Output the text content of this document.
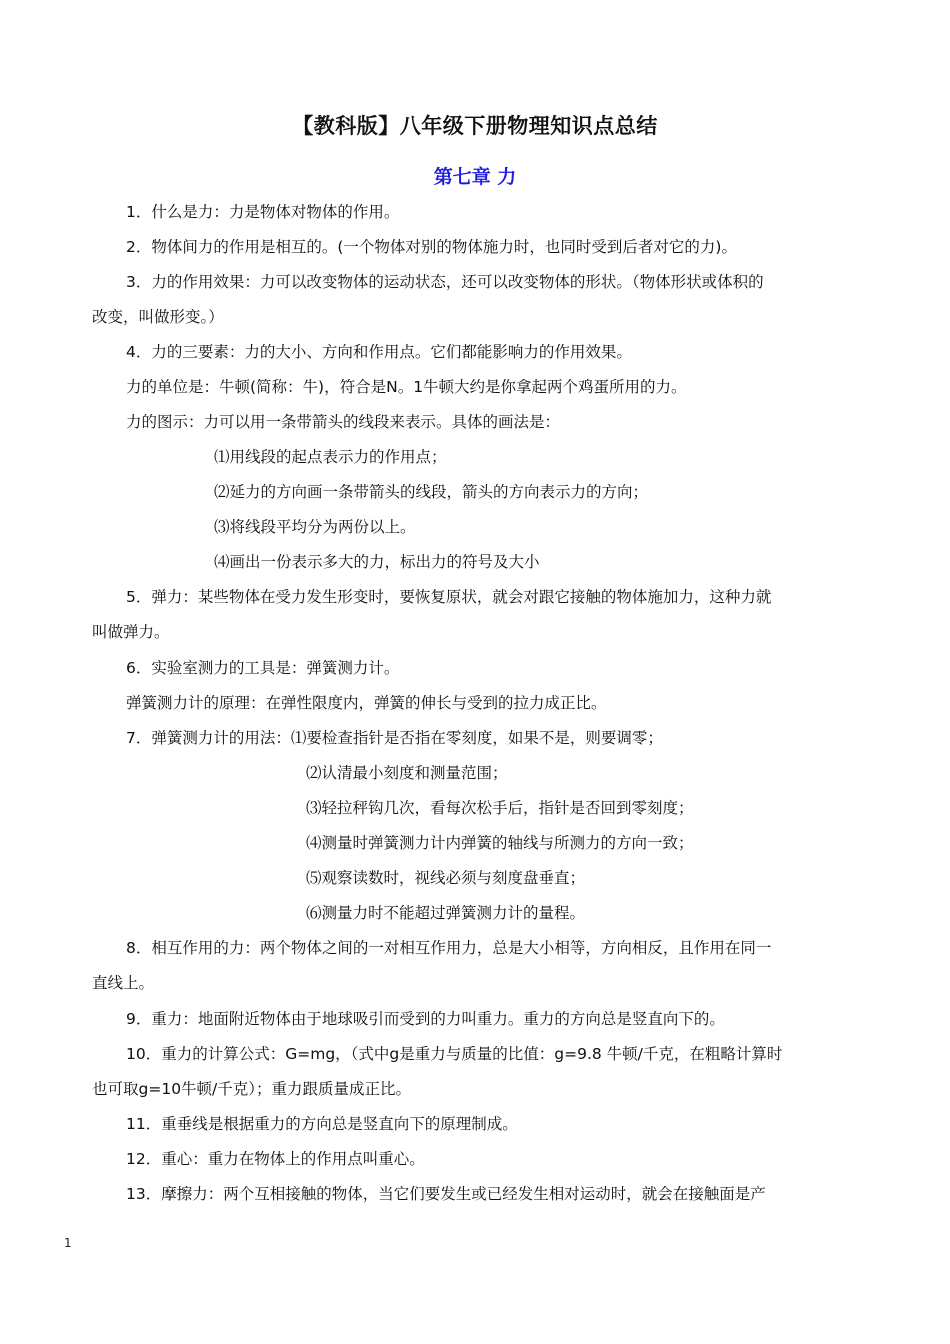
【教科版】八年级下册物理知识点总结
第七章 力
1．什么是力：力是物体对物体的作用。
2．物体间力的作用是相互的。(一个物体对别的物体施力时，也同时受到后者对它的力)。
3．力的作用效果：力可以改变物体的运动状态，还可以改变物体的形状。（物体形状或体积的
改变，叫做形变。）
4．力的三要素：力的大小、方向和作用点。它们都能影响力的作用效果。
力的单位是：牛顿(简称：牛)，符合是N。1牛顿大约是你拿起两个鸡蛋所用的力。
力的图示：力可以用一条带箭头的线段来表示。具体的画法是：
⑴用线段的起点表示力的作用点；
⑵延力的方向画一条带箭头的线段，箭头的方向表示力的方向；
⑶将线段平均分为两份以上。
⑷画出一份表示多大的力，标出力的符号及大小
5．弹力：某些物体在受力发生形变时，要恢复原状，就会对跟它接触的物体施加力，这种力就
叫做弹力。
6．实验室测力的工具是：弹簧测力计。
弹簧测力计的原理：在弹性限度内，弹簧的伸长与受到的拉力成正比。
7．弹簧测力计的用法：⑴要检查指针是否指在零刻度，如果不是，则要调零；
⑵认清最小刻度和测量范围；
⑶轻拉秤钩几次，看每次松手后，指针是否回到零刻度；
⑷测量时弹簧测力计内弹簧的轴线与所测力的方向一致；
⑸观察读数时，视线必须与刻度盘垂直；
⑹测量力时不能超过弹簧测力计的量程。
8．相互作用的力：两个物体之间的一对相互作用力，总是大小相等，方向相反，且作用在同一
直线上。
9．重力：地面附近物体由于地球吸引而受到的力叫重力。重力的方向总是竖直向下的。
10．重力的计算公式：G=mg，（式中g是重力与质量的比值：g=9.8 牛顿/千克，在粗略计算时
也可取g=10牛顿/千克）；重力跟质量成正比。
11．重垂线是根据重力的方向总是竖直向下的原理制成。
12．重心：重力在物体上的作用点叫重心。
13．摩擦力：两个互相接触的物体，当它们要发生或已经发生相对运动时，就会在接触面是产
1
